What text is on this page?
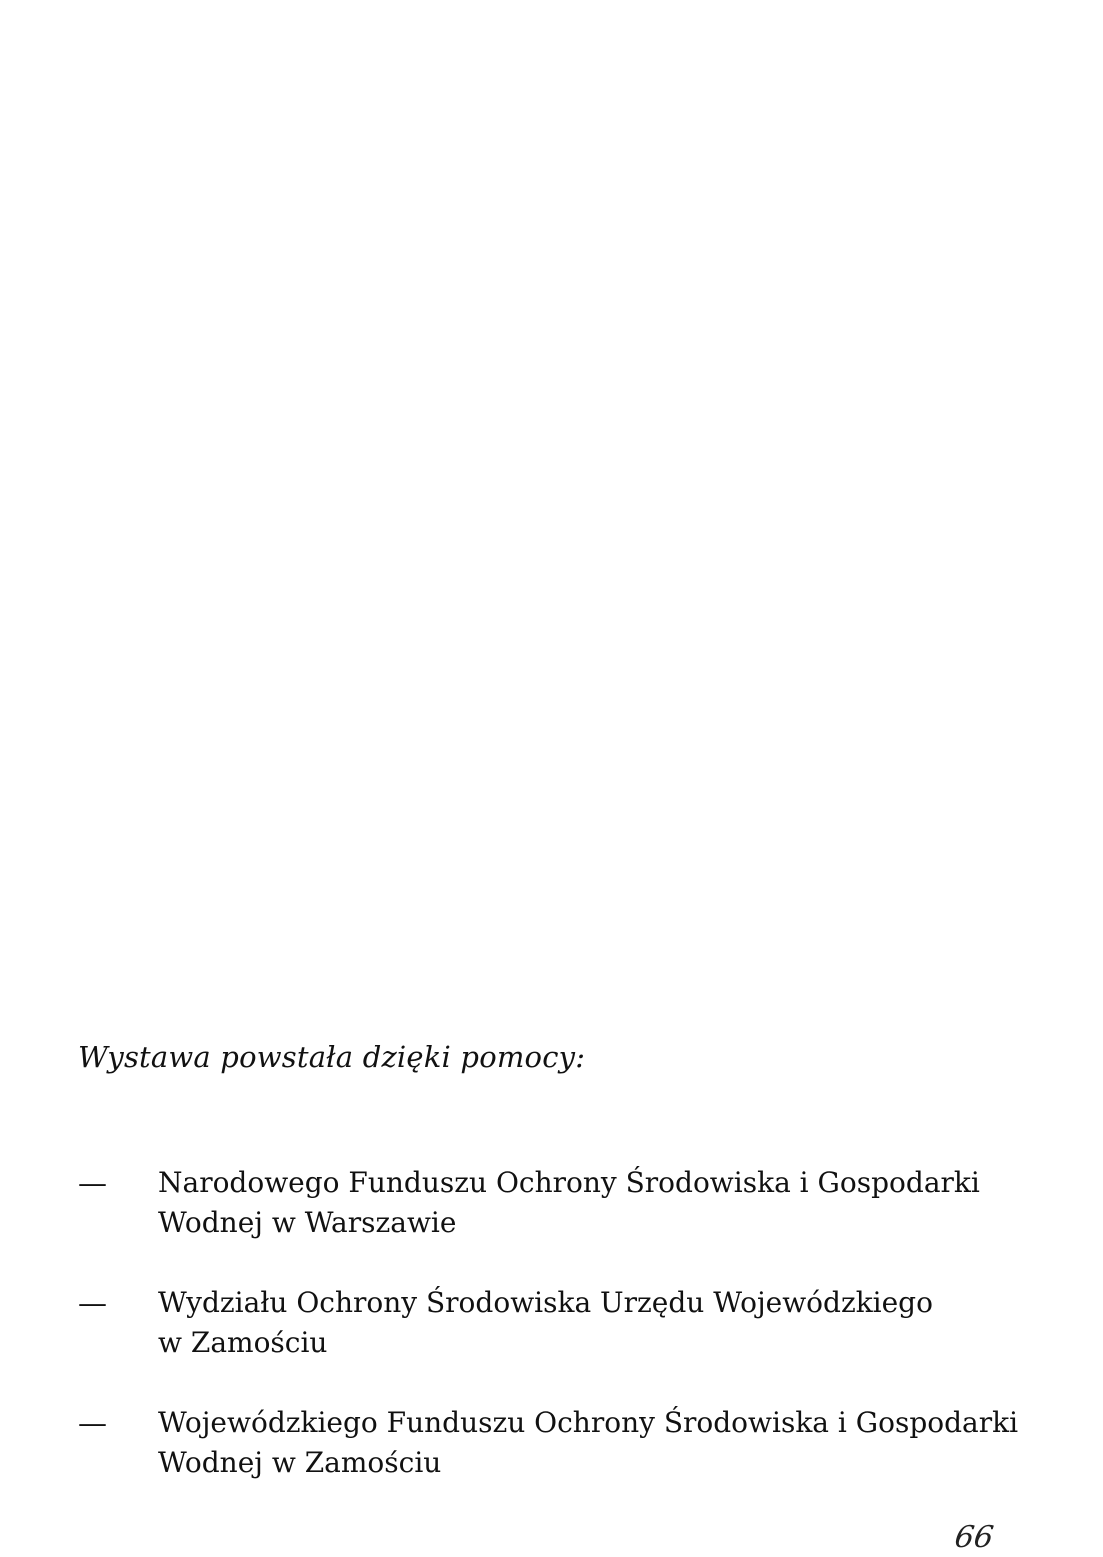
Wystawa powstała dzięki pomocy:
— Narodowego Funduszu Ochrony Środowiska i Gospodarki
Wodnej w Warszawie
— Wydziału Ochrony Środowiska Urzędu Wojewódzkiego
w Zamościu
— Wojewódzkiego Funduszu Ochrony Środowiska i Gospodarki
Wodnej w Zamościu
66
